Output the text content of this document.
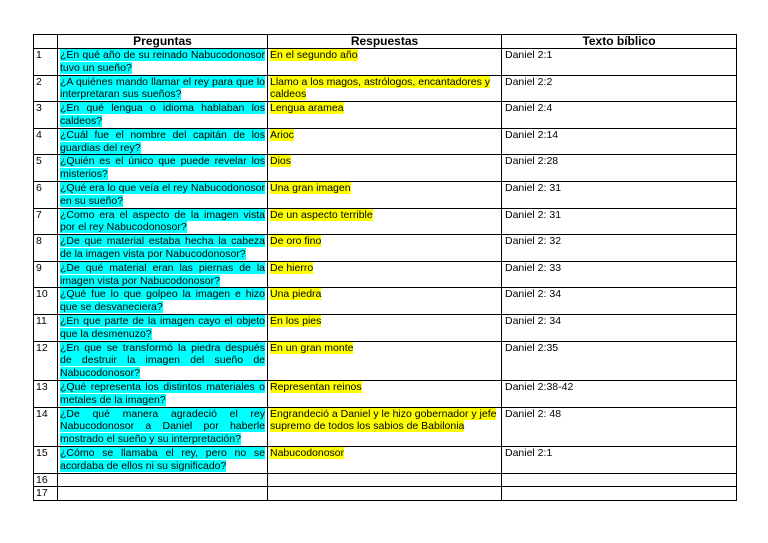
	Preguntas	Respuestas	Texto bíblico
1	¿En qué año de su reinado Nabucodonosor tuvo un sueño?	En el segundo año	Daniel 2:1
2	¿A quiénes mando llamar el rey para que lo interpretaran sus sueños?	Llamo a los magos, astrólogos, encantadores y caldeos	Daniel 2:2
3	¿En qué lengua o idioma hablaban los caldeos?	Lengua aramea	Daniel 2:4
4	¿Cuál fue el nombre del capitán de los guardias del rey?	Arioc	Daniel 2:14
5	¿Quién es el único que puede revelar los misterios?	Dios	Daniel 2:28
6	¿Qué era lo que veía el rey Nabucodonosor en su sueño?	Una gran imagen	Daniel 2: 31
7	¿Como era el aspecto de la imagen vista por el rey Nabucodonosor?	De un aspecto terrible	Daniel 2: 31
8	¿De que material estaba hecha la cabeza de la imagen vista por Nabucodonosor?	De oro fino	Daniel 2: 32
9	¿De qué material eran las piernas de la imagen vista por Nabucodonosor?	De hierro	Daniel 2: 33
10	¿Qué fue lo que golpeo la imagen e hizo que se desvaneciera?	Una piedra	Daniel 2: 34
11	¿En que parte de la imagen cayo el objeto que la desmenuzo?	En los pies	Daniel 2: 34
12	¿En que se transformó la piedra después de destruir la imagen del sueño de Nabucodonosor?	En un gran monte	Daniel 2:35
13	¿Qué representa los distintos materiales o metales de la imagen?	Representan reinos	Daniel 2:38-42
14	¿De qué manera agradeció el rey Nabucodonosor a Daniel por haberle mostrado el sueño y su interpretación?	Engrandeció a Daniel y le hizo gobernador y jefe supremo de todos los sabios de Babilonia	Daniel 2: 48
15	¿Cómo se llamaba el rey, pero no se acordaba de ellos ni su significado?	Nabucodonosor	Daniel 2:1
16			
17			
